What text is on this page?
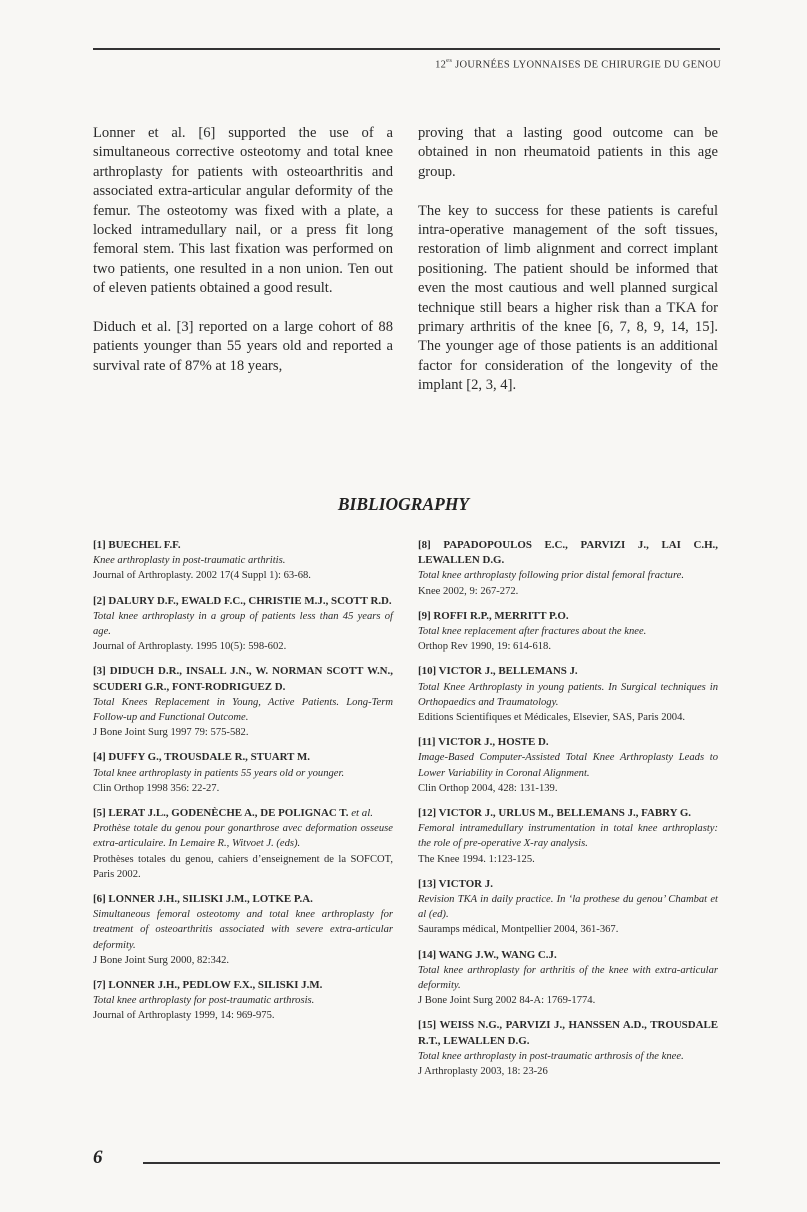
$12^{es}$ JOURNÉES LYONNAISES DE CHIRURGIE DU GENOU

Lonner et al. [6] supported the use of a simultaneous corrective osteotomy and total knee arthroplasty for patients with osteoarthritis and associated extra-articular angular deformity of the femur. The osteotomy was fixed with a plate, a locked intramedullary nail, or a press fit long femoral stem. This last fixation was performed on two patients, one resulted in a non union. Ten out of eleven patients obtained a good result.

Diduch et al. [3] reported on a large cohort of 88 patients younger than 55 years old and reported a survival rate of 87% at 18 years,

proving that a lasting good outcome can be obtained in non rheumatoid patients in this age group.

The key to success for these patients is careful intra-operative management of the soft tissues, restoration of limb alignment and correct implant positioning. The patient should be informed that even the most cautious and well planned surgical technique still bears a higher risk than a TKA for primary arthritis of the knee [6, 7, 8, 9, 14, 15]. The younger age of those patients is an additional factor for consideration of the longevity of the implant [2, 3, 4].

BIBLIOGRAPHY
[1] BUECHEL F.F.
Knee arthroplasty in post-traumatic arthritis.
Journal of Arthroplasty. 2002 17(4 Suppl 1): 63-68.
[2] DALURY D.F., EWALD F.C., CHRISTIE M.J., SCOTT R.D.
Total knee arthroplasty in a group of patients less than 45 years of age.
Journal of Arthroplasty. 1995 10(5): 598-602.
[3] DIDUCH D.R., INSALL J.N., W. NORMAN SCOTT W.N., SCUDERI G.R., FONT-RODRIGUEZ D.
Total Knees Replacement in Young, Active Patients. Long-Term Follow-up and Functional Outcome.
J Bone Joint Surg 1997 79: 575-582.
[4] DUFFY G., TROUSDALE R., STUART M.
Total knee arthroplasty in patients 55 years old or younger.
Clin Orthop 1998 356: 22-27.
[5] LERAT J.L., GODENÈCHE A., DE POLIGNAC T. et al.
Prothèse totale du genou pour gonarthrose avec deformation osseuse extra-articulaire. In Lemaire R., Witvoet J. (eds).
Prothèses totales du genou, cahiers d’enseignement de la SOFCOT, Paris 2002.
[6] LONNER J.H., SILISKI J.M., LOTKE P.A.
Simultaneous femoral osteotomy and total knee arthroplasty for treatment of osteoarthritis associated with severe extra-articular deformity.
J Bone Joint Surg 2000, 82:342.
[7] LONNER J.H., PEDLOW F.X., SILISKI J.M.
Total knee arthroplasty for post-traumatic arthrosis.
Journal of Arthroplasty 1999, 14: 969-975.
[8] PAPADOPOULOS E.C., PARVIZI J., LAI C.H., LEWALLEN D.G.
Total knee arthroplasty following prior distal femoral fracture.
Knee 2002, 9: 267-272.
[9] ROFFI R.P., MERRITT P.O.
Total knee replacement after fractures about the knee.
Orthop Rev 1990, 19: 614-618.
[10] VICTOR J., BELLEMANS J.
Total Knee Arthroplasty in young patients. In Surgical techniques in Orthopaedics and Traumatology.
Editions Scientifiques et Médicales, Elsevier, SAS, Paris 2004.
[11] VICTOR J., HOSTE D.
Image-Based Computer-Assisted Total Knee Arthroplasty Leads to Lower Variability in Coronal Alignment.
Clin Orthop 2004, 428: 131-139.
[12] VICTOR J., URLUS M., BELLEMANS J., FABRY G.
Femoral intramedullary instrumentation in total knee arthroplasty: the role of pre-operative X-ray analysis.
The Knee 1994. 1:123-125.
[13] VICTOR J.
Revision TKA in daily practice. In ‘la prothese du genou’ Chambat et al (ed).
Sauramps médical, Montpellier 2004, 361-367.
[14] WANG J.W., WANG C.J.
Total knee arthroplasty for arthritis of the knee with extra-articular deformity.
J Bone Joint Surg 2002 84-A: 1769-1774.
[15] WEISS N.G., PARVIZI J., HANSSEN A.D., TROUSDALE R.T., LEWALLEN D.G.
Total knee arthroplasty in post-traumatic arthrosis of the knee.
J Arthroplasty 2003, 18: 23-26
6
